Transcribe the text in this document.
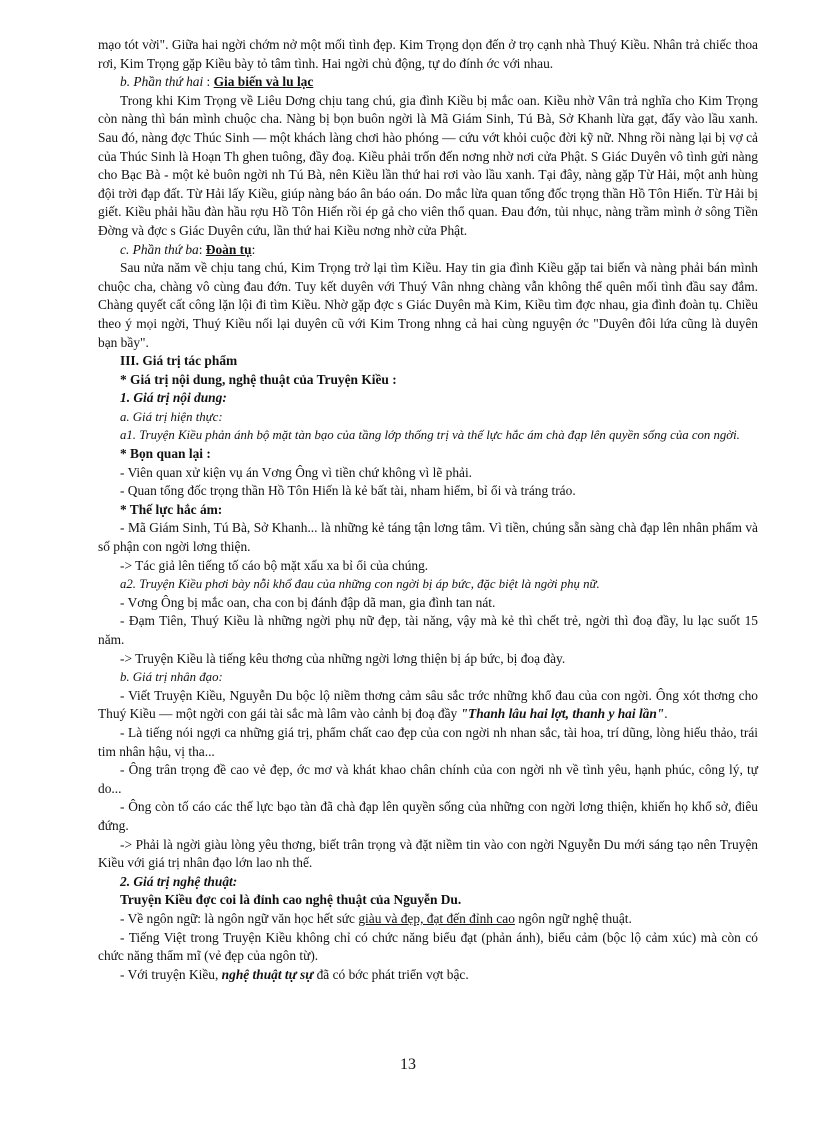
mạo tót vời". Giữa hai ngời chớm nở một mối tình đẹp. Kim Trọng dọn đến ở trọ cạnh nhà Thuý Kiều. Nhân trả chiếc thoa rơi, Kim Trọng gặp Kiều bày tỏ tâm tình. Hai ngời chủ động, tự do đính ớc với nhau.

b. Phần thứ hai : Gia biến và lu lạc

Trong khi Kim Trọng về Liêu Dơng chịu tang chú, gia đình Kiều bị mắc oan. Kiều nhờ Vân trả nghĩa cho Kim Trọng còn nàng thì bán mình chuộc cha. Nàng bị bọn buôn ngời là Mã Giám Sinh, Tú Bà, Sở Khanh lừa gạt, đẩy vào lầu xanh. Sau đó, nàng đợc Thúc Sinh — một khách làng chơi hào phóng — cứu vớt khỏi cuộc đời kỹ nữ. Nhng rồi nàng lại bị vợ cả của Thúc Sinh là Hoạn Th ghen tuông, đầy đoạ. Kiều phải trốn đến nơng nhờ nơi cửa Phật. S Giác Duyên vô tình gửi nàng cho Bạc Bà - một kẻ buôn ngời nh Tú Bà, nên Kiều lần thứ hai rơi vào lầu xanh. Tại đây, nàng gặp Từ Hải, một anh hùng đội trời đạp đất. Từ Hải lấy Kiều, giúp nàng báo ân báo oán. Do mắc lừa quan tổng đốc trọng thần Hồ Tôn Hiến. Từ Hải bị giết. Kiều phải hầu đàn hầu rợu Hồ Tôn Hiến rồi ép gả cho viên thổ quan. Đau đớn, tủi nhục, nàng trầm mình ở sông Tiền Đờng và đợc s Giác Duyên cứu, lần thứ hai Kiều nơng nhờ cửa Phật.

c. Phần thứ ba: Đoàn tụ:

Sau nửa năm về chịu tang chú, Kim Trọng trở lại tìm Kiều. Hay tin gia đình Kiều gặp tai biến và nàng phải bán mình chuộc cha, chàng vô cùng đau đớn. Tuy kết duyên với Thuý Vân nhng chàng vẫn không thể quên mối tình đầu say đắm. Chàng quyết cất công lặn lội đi tìm Kiều. Nhờ gặp đợc s Giác Duyên mà Kim, Kiều tìm đợc nhau, gia đình đoàn tụ. Chiều theo ý mọi ngời, Thuý Kiều nối lại duyên cũ với Kim Trong nhng cả hai cùng nguyện ớc "Duyên đôi lứa cũng là duyên bạn bầy".

III. Giá trị tác phẩm

* Giá trị nội dung, nghệ thuật của Truyện Kiều :

1. Giá trị nội dung:

a. Giá trị hiện thực:

a1. Truyện Kiều phản ánh bộ mặt tàn bạo của tầng lớp thống trị và thế lực hắc ám chà đạp lên quyền sống của con ngời.

* Bọn quan lại :

- Viên quan xử kiện vụ án Vơng Ông vì tiền chứ không vì lẽ phải.

- Quan tổng đốc trọng thần Hồ Tôn Hiến là kẻ bất tài, nham hiểm, bỉ ổi và tráng tráo.

* Thế lực hắc ám:

- Mã Giám Sinh, Tú Bà, Sở Khanh... là những kẻ táng tận lơng tâm. Vì tiền, chúng sẵn sàng chà đạp lên nhân phẩm và số phận con ngời lơng thiện.

-> Tác giả lên tiếng tố cáo bộ mặt xấu xa bỉ ổi của chúng.

a2. Truyện Kiều phơi bày nỗi khổ đau của những con ngời bị áp bức, đặc biệt là ngời phụ nữ.

- Vơng Ông bị mắc oan, cha con bị đánh đập dã man, gia đình tan nát.

- Đạm Tiên, Thuý Kiều là những ngời phụ nữ đẹp, tài năng, vậy mà kẻ thì chết trẻ, ngời thì đoạ đầy, lu lạc suốt 15 năm.

-> Truyện Kiều là tiếng kêu thơng của những ngời lơng thiện bị áp bức, bị đoạ đày.

b. Giá trị nhân đạo:

- Viết Truyện Kiều, Nguyễn Du bộc lộ niềm thơng cảm sâu sắc trớc những khổ đau của con ngời. Ông xót thơng cho Thuý Kiều — một ngời con gái tài sắc mà lâm vào cảnh bị đoạ đầy "Thanh lâu hai lợt, thanh y hai lần".

- Là tiếng nói ngợi ca những giá trị, phẩm chất cao đẹp của con ngời nh nhan sắc, tài hoa, trí dũng, lòng hiếu thảo, trái tim nhân hậu, vị tha...

- Ông trân trọng đề cao vẻ đẹp, ớc mơ và khát khao chân chính của con ngời nh về tình yêu, hạnh phúc, công lý, tự do...

- Ông còn tố cáo các thế lực bạo tàn đã chà đạp lên quyền sống của những con ngời lơng thiện, khiến họ khổ sở, điêu đứng.

-> Phải là ngời giàu lòng yêu thơng, biết trân trọng và đặt niềm tin vào con ngời Nguyễn Du mới sáng tạo nên Truyện Kiều với giá trị nhân đạo lớn lao nh thế.

2. Giá trị nghệ thuật:

Truyện Kiều đợc coi là đỉnh cao nghệ thuật của Nguyễn Du.

- Về ngôn ngữ: là ngôn ngữ văn học hết sức giàu và đẹp, đạt đến đỉnh cao ngôn ngữ nghệ thuật.

- Tiếng Việt trong Truyện Kiều không chỉ có chức năng biểu đạt (phản ánh), biểu cảm (bộc lộ cảm xúc) mà còn có chức năng thẩm mĩ (vẻ đẹp của ngôn từ).

- Với truyện Kiều, nghệ thuật tự sự đã có bớc phát triển vợt bậc.

13
